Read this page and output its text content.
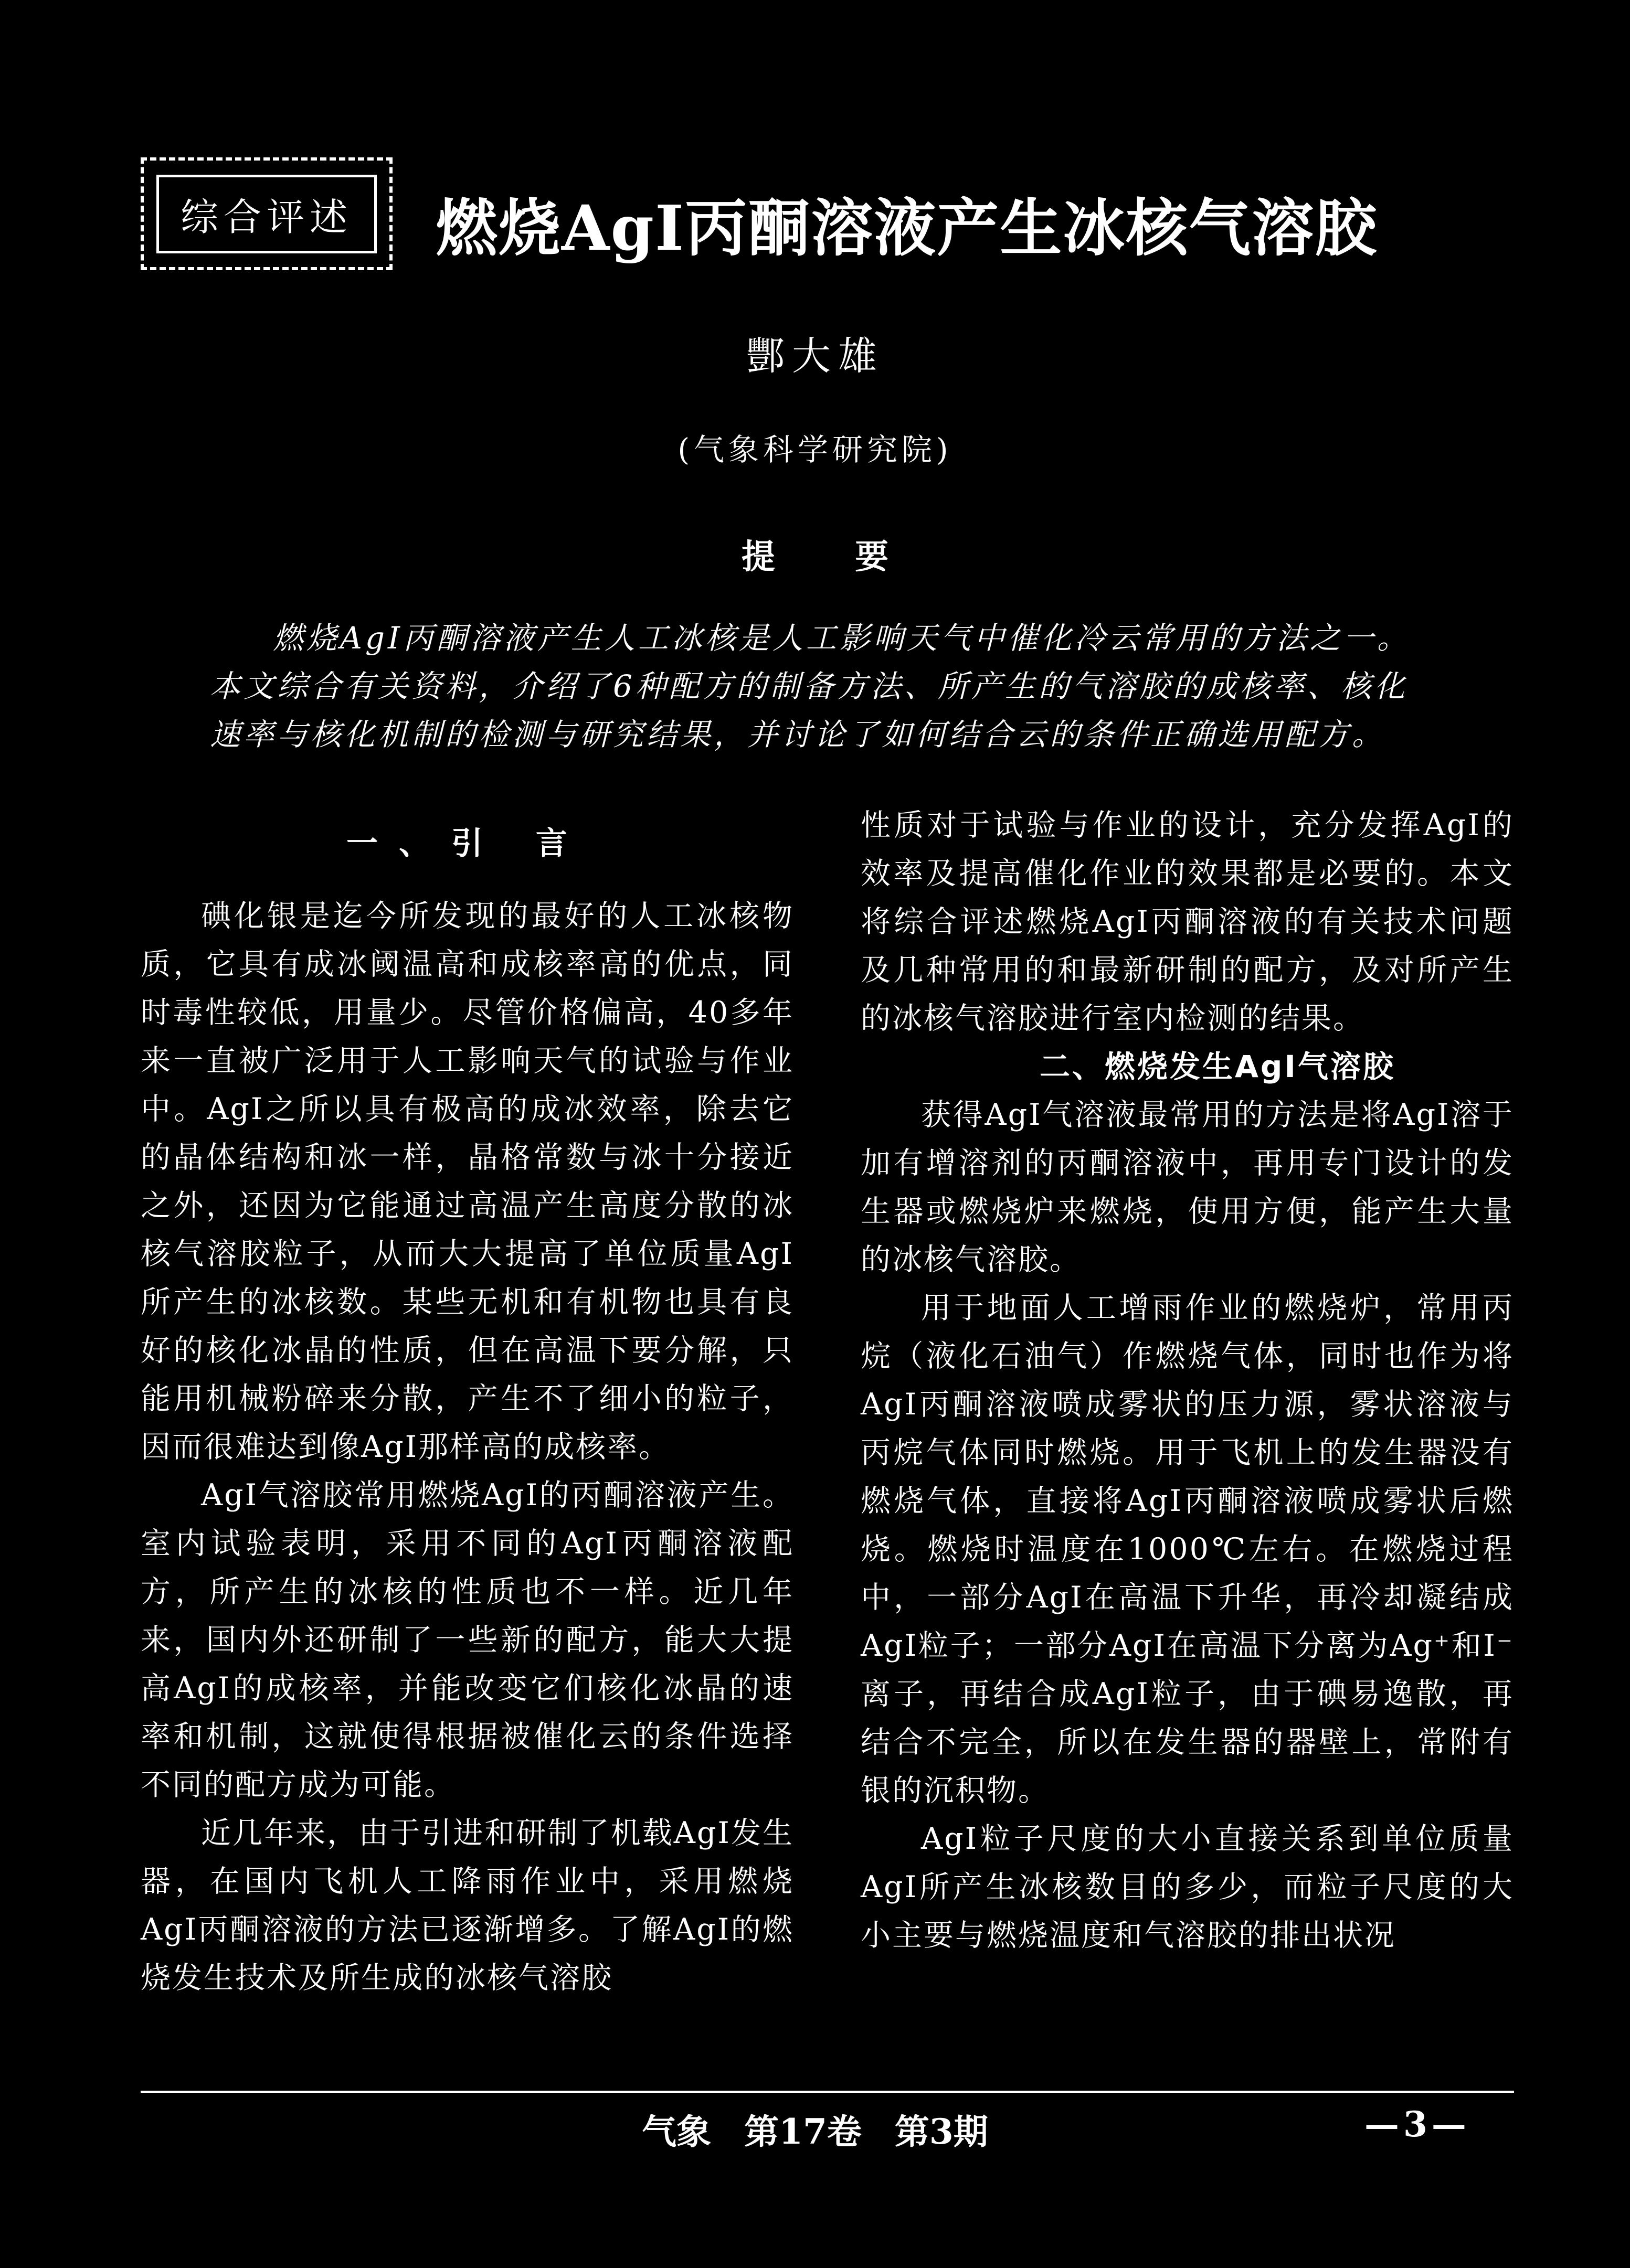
综合评述	燃烧AgI丙酮溶液产生冰核气溶胶
酆大雄
(气象科学研究院)
提 要
燃烧AgI丙酮溶液产生人工冰核是人工影响天气中催化冷云常用的方法之一。本文综合有关资料，介绍了6种配方的制备方法、所产生的气溶胶的成核率、核化速率与核化机制的检测与研究结果，并讨论了如何结合云的条件正确选用配方。

一、引 言

碘化银是迄今所发现的最好的人工冰核物质，它具有成冰阈温高和成核率高的优点，同时毒性较低，用量少。尽管价格偏高，40多年来一直被广泛用于人工影响天气的试验与作业中。AgI之所以具有极高的成冰效率，除去它的晶体结构和冰一样，晶格常数与冰十分接近之外，还因为它能通过高温产生高度分散的冰核气溶胶粒子，从而大大提高了单位质量AgI所产生的冰核数。某些无机和有机物也具有良好的核化冰晶的性质，但在高温下要分解，只能用机械粉碎来分散，产生不了细小的粒子，因而很难达到像AgI那样高的成核率。

AgI气溶胶常用燃烧AgI的丙酮溶液产生。室内试验表明，采用不同的AgI丙酮溶液配方，所产生的冰核的性质也不一样。近几年来，国内外还研制了一些新的配方，能大大提高AgI的成核率，并能改变它们核化冰晶的速率和机制，这就使得根据被催化云的条件选择不同的配方成为可能。

近几年来，由于引进和研制了机载AgI发生器，在国内飞机人工降雨作业中，采用燃烧AgI丙酮溶液的方法已逐渐增多。了解AgI的燃烧发生技术及所生成的冰核气溶胶

性质对于试验与作业的设计，充分发挥AgI的效率及提高催化作业的效果都是必要的。本文将综合评述燃烧AgI丙酮溶液的有关技术问题及几种常用的和最新研制的配方，及对所产生的冰核气溶胶进行室内检测的结果。

二、燃烧发生AgI气溶胶

获得AgI气溶液最常用的方法是将AgI溶于加有增溶剂的丙酮溶液中，再用专门设计的发生器或燃烧炉来燃烧，使用方便，能产生大量的冰核气溶胶。

用于地面人工增雨作业的燃烧炉，常用丙烷（液化石油气）作燃烧气体，同时也作为将AgI丙酮溶液喷成雾状的压力源，雾状溶液与丙烷气体同时燃烧。用于飞机上的发生器没有燃烧气体，直接将AgI丙酮溶液喷成雾状后燃烧。燃烧时温度在1000℃左右。在燃烧过程中，一部分AgI在高温下升华，再冷却凝结成AgI粒子；一部分AgI在高温下分离为Ag⁺和I⁻离子，再结合成AgI粒子，由于碘易逸散，再结合不完全，所以在发生器的器壁上，常附有银的沉积物。

AgI粒子尺度的大小直接关系到单位质量AgI所产生冰核数目的多少，而粒子尺度的大小主要与燃烧温度和气溶胶的排出状况

气象 第17卷 第3期	—3—
